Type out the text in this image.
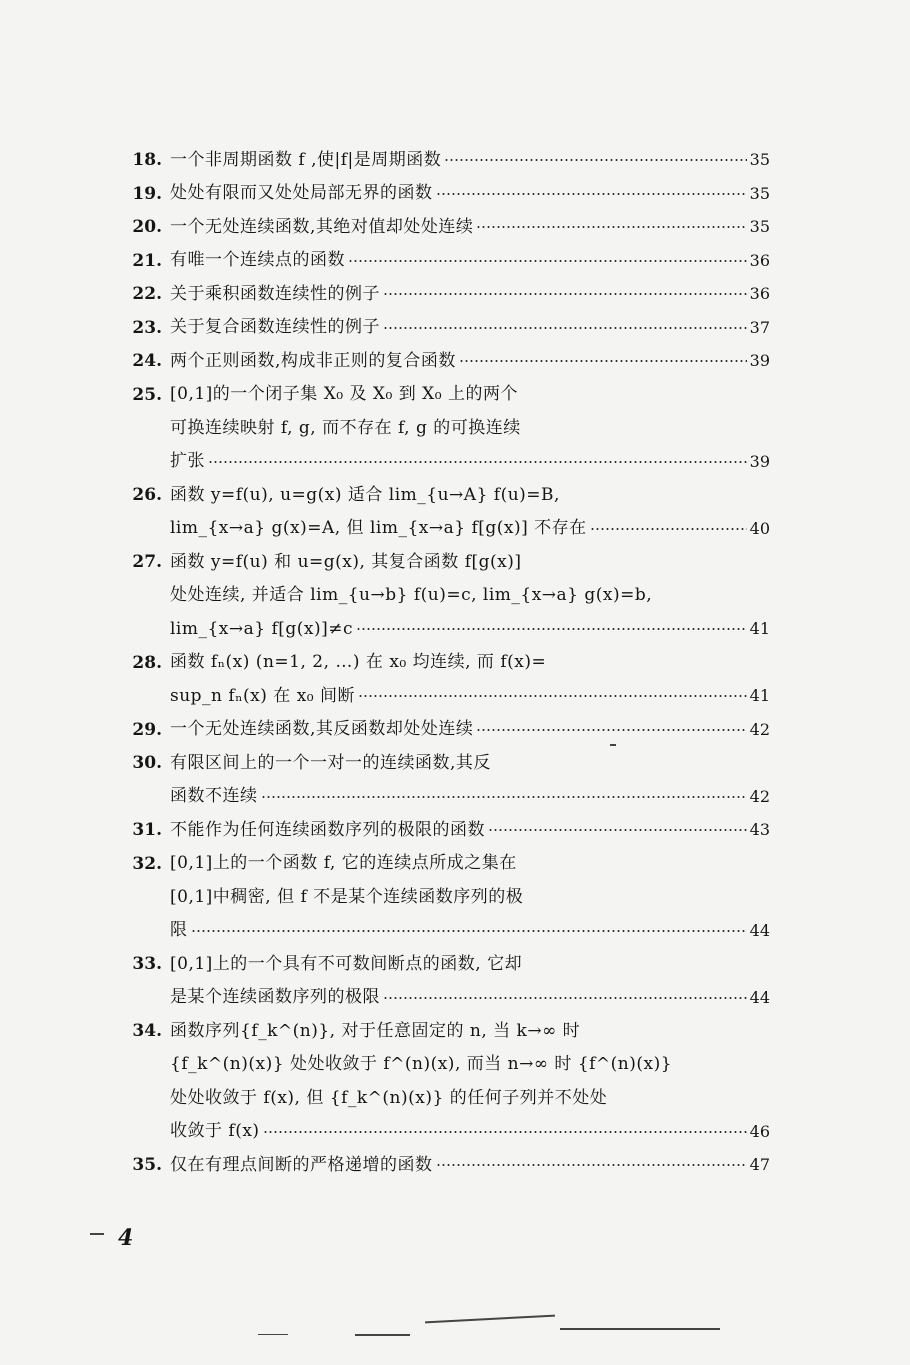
18. 一个非周期函数 f ,使|f|是周期函数	35
19. 处处有限而又处处局部无界的函数	35
20. 一个无处连续函数,其绝对值却处处连续	35
21. 有唯一个连续点的函数	36
22. 关于乘积函数连续性的例子	36
23. 关于复合函数连续性的例子	37
24. 两个正则函数,构成非正则的复合函数	39
25. [0,1]的一个闭子集 X₀ 及 X₀ 到 X₀ 上的两个
可换连续映射 f, g, 而不存在 f, g 的可换连续
扩张	39
26. 函数 y=f(u), u=g(x) 适合 lim_{u→A} f(u)=B,
lim_{x→a} g(x)=A, 但 lim_{x→a} f[g(x)] 不存在	40
27. 函数 y=f(u) 和 u=g(x), 其复合函数 f[g(x)]
处处连续, 并适合 lim_{u→b} f(u)=c, lim_{x→a} g(x)=b,
lim_{x→a} f[g(x)]≠c	41
28. 函数 fₙ(x) (n=1, 2, …) 在 x₀ 均连续, 而 f(x)=
sup_n fₙ(x) 在 x₀ 间断	41
29. 一个无处连续函数,其反函数却处处连续	42
30. 有限区间上的一个一对一的连续函数,其反
函数不连续	42
31. 不能作为任何连续函数序列的极限的函数	43
32. [0,1]上的一个函数 f, 它的连续点所成之集在
[0,1]中稠密, 但 f 不是某个连续函数序列的极
限	44
33. [0,1]上的一个具有不可数间断点的函数, 它却
是某个连续函数序列的极限	44
34. 函数序列{f_k^(n)}, 对于任意固定的 n, 当 k→∞ 时
{f_k^(n)(x)} 处处收敛于 f^(n)(x), 而当 n→∞ 时 {f^(n)(x)}
处处收敛于 f(x), 但 {f_k^(n)(x)} 的任何子列并不处处
收敛于 f(x)	46
35. 仅在有理点间断的严格递增的函数	47
4
